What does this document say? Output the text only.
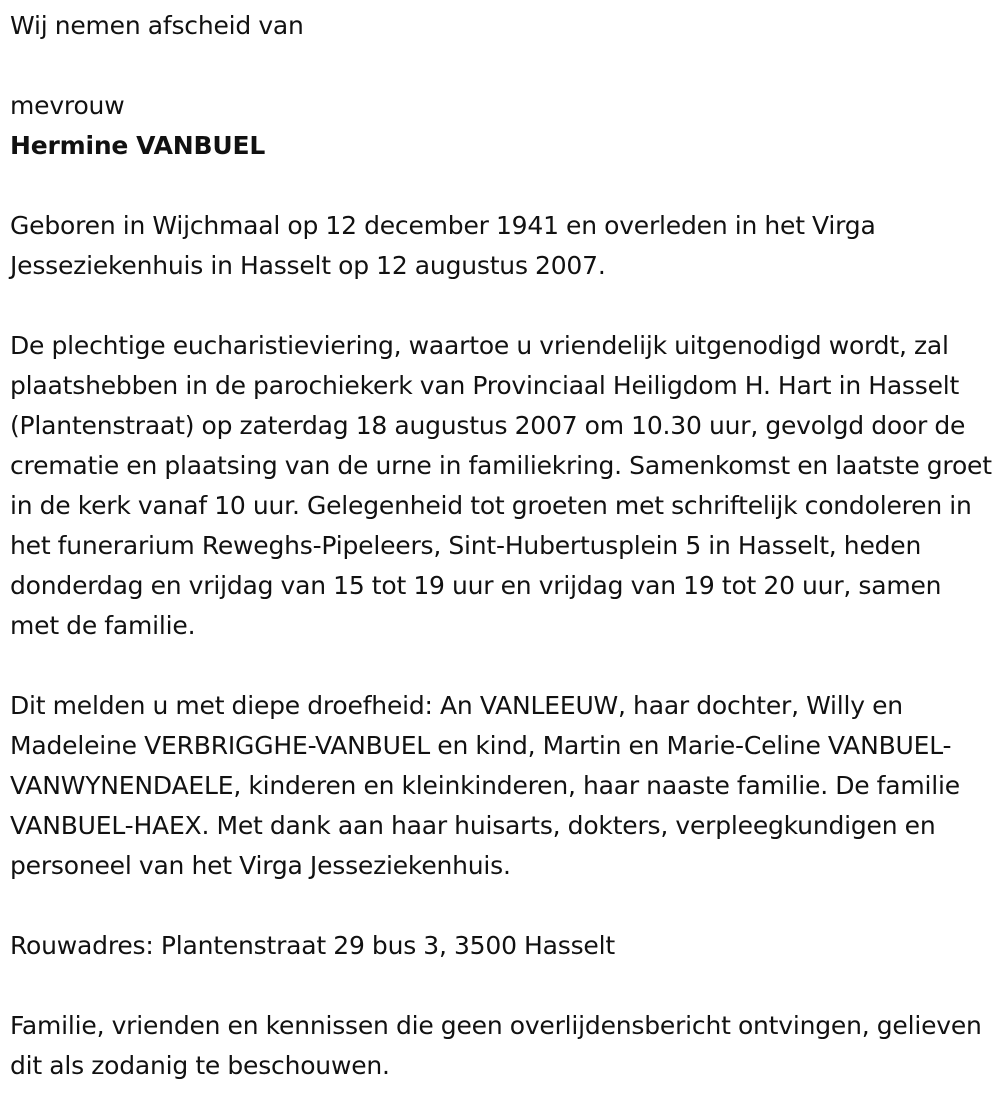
Wij nemen afscheid van

mevrouw

Hermine VANBUEL

Geboren in Wijchmaal op 12 december 1941 en overleden in het Virga Jesseziekenhuis in Hasselt op 12 augustus 2007.

De plechtige eucharistieviering, waartoe u vriendelijk uitgenodigd wordt, zal plaatshebben in de parochiekerk van Provinciaal Heiligdom H. Hart in Hasselt (Plantenstraat) op zaterdag 18 augustus 2007 om 10.30 uur, gevolgd door de crematie en plaatsing van de urne in familiekring. Samenkomst en laatste groet in de kerk vanaf 10 uur. Gelegenheid tot groeten met schriftelijk condoleren in het funerarium Reweghs-Pipeleers, Sint-Hubertusplein 5 in Hasselt, heden donderdag en vrijdag van 15 tot 19 uur en vrijdag van 19 tot 20 uur, samen met de familie.

Dit melden u met diepe droefheid: An VANLEEUW, haar dochter, Willy en Madeleine VERBRIGGHE-VANBUEL en kind, Martin en Marie-Celine VANBUEL-VANWYNENDAELE, kinderen en kleinkinderen, haar naaste familie. De familie VANBUEL-HAEX. Met dank aan haar huisarts, dokters, verpleegkundigen en personeel van het Virga Jesseziekenhuis.

Rouwadres: Plantenstraat 29 bus 3, 3500 Hasselt

Familie, vrienden en kennissen die geen overlijdensbericht ontvingen, gelieven dit als zodanig te beschouwen.
